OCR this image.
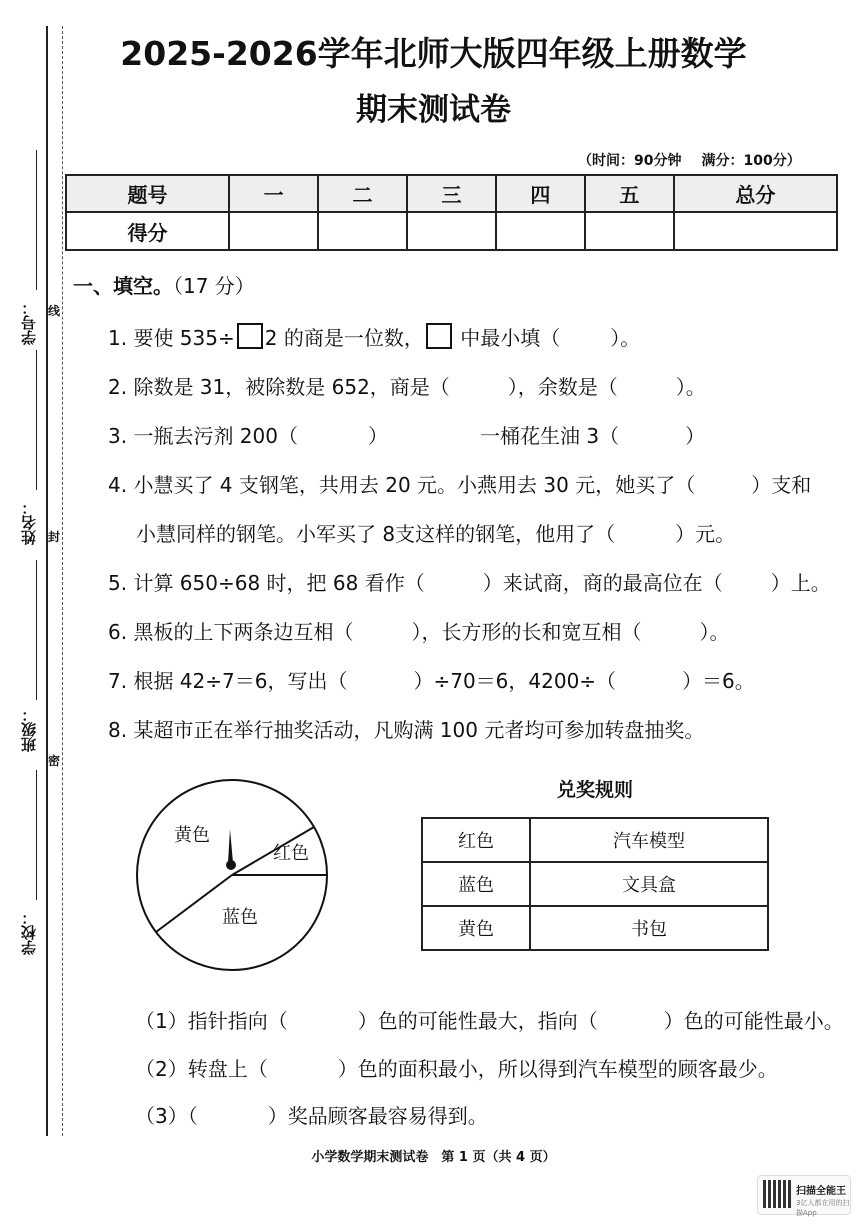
学号： 线
姓名： 封
班级：
密
学校：
2025-2026学年北师大版四年级上册数学
期末测试卷
（时间：90分钟 满分：100分）
题号	一	二	三	四	五	总分
得分						
一、填空。（17 分）
1. 要使 535÷ 2 的商是一位数， 中最小填（	）。
2. 除数是 31，被除数是 652，商是（	），余数是（	）。
3. 一瓶去污剂 200（	）	一桶花生油 3（	）
4. 小慧买了 4 支钢笔，共用去 20 元。小燕用去 30 元，她买了（	）支和
小慧同样的钢笔。小军买了 8支这样的钢笔，他用了（	）元。
5. 计算 650÷68 时，把 68 看作（	）来试商，商的最高位在（ ）上。
6. 黑板的上下两条边互相（	），长方形的长和宽互相（	）。
7. 根据 42÷7＝6，写出（	）÷70＝6，4200÷（	）＝6。
8. 某超市正在举行抽奖活动，凡购满 100 元者均可参加转盘抽奖。
黄色
红色
蓝色
兑奖规则
红色	汽车模型
蓝色	文具盒
黄色	书包
（1）指针指向（	）色的可能性最大，指向（	）色的可能性最小。
（2）转盘上（	）色的面积最小，所以得到汽车模型的顾客最少。
（3）（	）奖品顾客最容易得到。
小学数学期末测试卷　第 1 页（共 4 页）
扫描全能王
3亿人都在用的扫描App
